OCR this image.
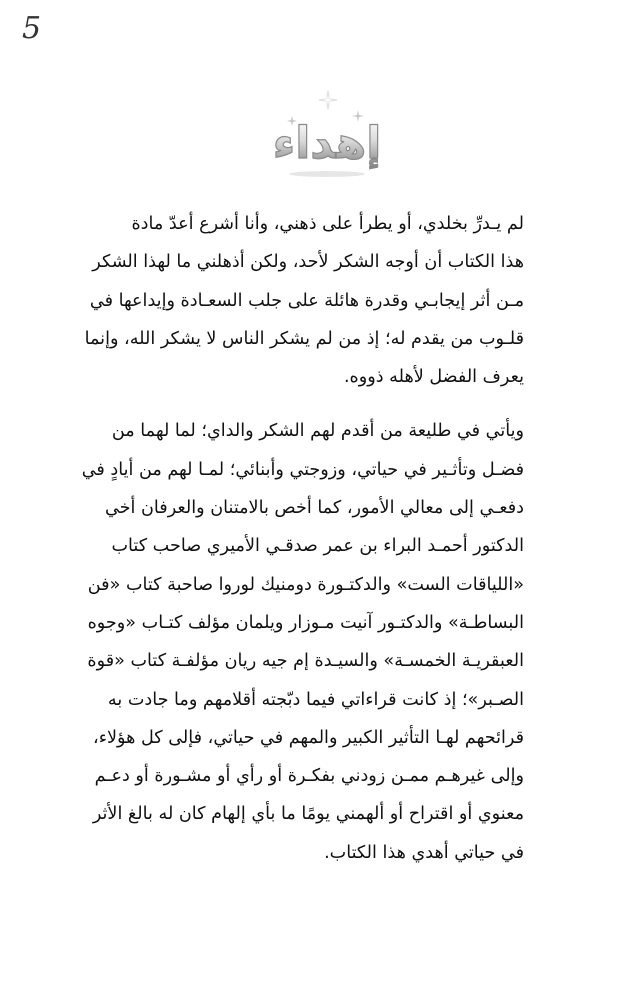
5
إهداء

لم يـدرِّ بخلدي، أو يطرأ على ذهني، وأنا أشرع أعدّ مادة
هذا الكتاب أن أوجه الشكر لأحد، ولكن أذهلني ما لهذا الشكر
مـن أثر إيجابـي وقدرة هائلة على جلب السعـادة وإيداعها في
قلـوب من يقدم له؛ إذ من لم يشكر الناس لا يشكر الله، وإنما
يعرف الفضل لأهله ذووه.

ويأتي في طليعة من أقدم لهم الشكر والداي؛ لما لهما من
فضـل وتأثـير في حياتي، وزوجتي وأبنائي؛ لمـا لهم من أيادٍ في
دفعـي إلى معالي الأمور، كما أخص بالامتنان والعرفان أخي
الدكتور أحمـد البراء بن عمر صدقـي الأميري صاحب كتاب
«اللياقات الست» والدكتـورة دومنيك لوروا صاحبة كتاب «فن
البساطـة» والدكتـور آنيت مـوزار ويلمان مؤلف كتـاب «وجوه
العبقريـة الخمسـة» والسيـدة إم جيه ريان مؤلفـة كتاب «قوة
الصـبر»؛ إذ كانت قراءاتي فيما دبّجته أقلامهم وما جادت به
قرائحهم لهـا التأثير الكبير والمهم في حياتي، فإلى كل هؤلاء،
وإلى غيرهـم ممـن زودني بفكـرة أو رأي أو مشـورة أو دعـم
معنوي أو اقتراح أو ألهمني يومًا ما بأي إلهام كان له بالغ الأثر
في حياتي أهدي هذا الكتاب.
